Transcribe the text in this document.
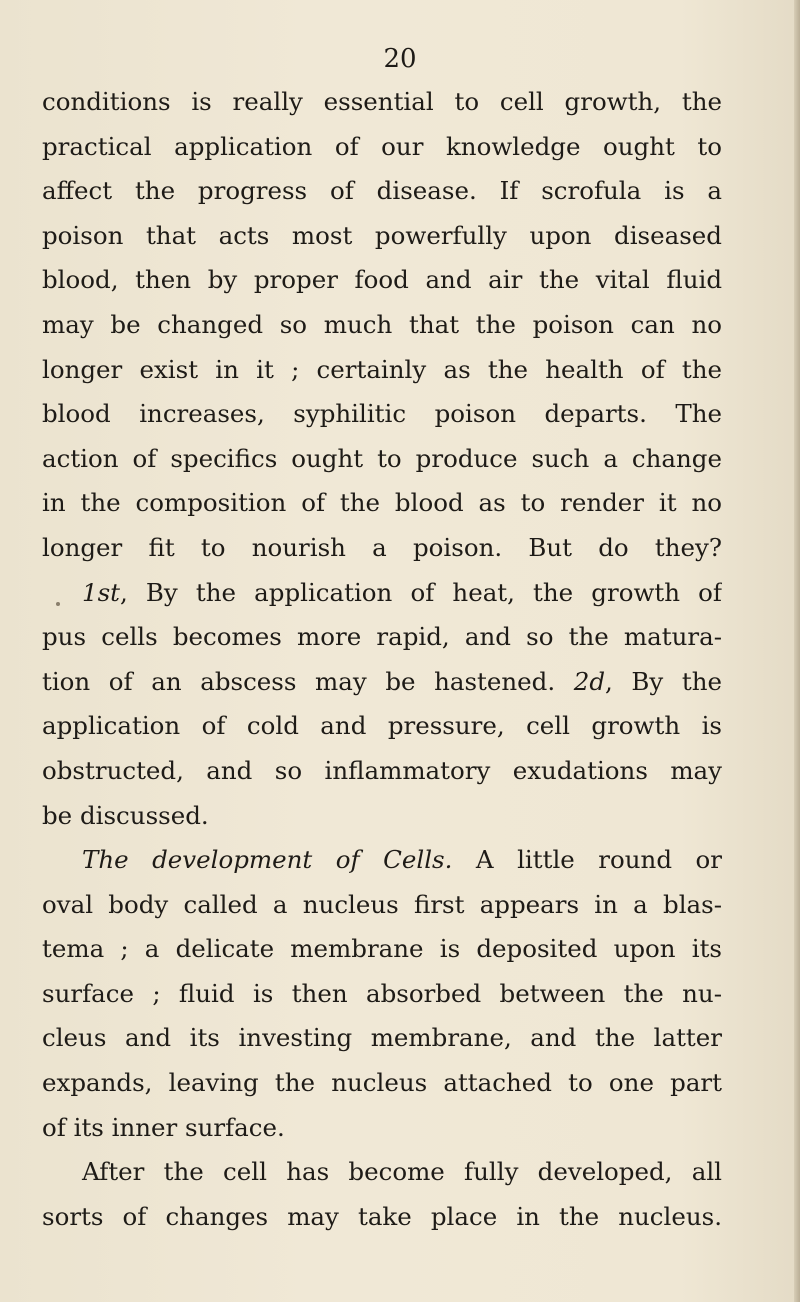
20
conditions is really essential to cell growth, the
practical application of our knowledge ought to
affect the progress of disease. If scrofula is a
poison that acts most powerfully upon diseased
blood, then by proper food and air the vital fluid
may be changed so much that the poison can no
longer exist in it ; certainly as the health of the
blood increases, syphilitic poison departs. The
action of specifics ought to produce such a change
in the composition of the blood as to render it no
longer fit to nourish a poison. But do they?
1st, By the application of heat, the growth of
pus cells becomes more rapid, and so the matura-
tion of an abscess may be hastened. 2d, By the
application of cold and pressure, cell growth is
obstructed, and so inflammatory exudations may
be discussed.
The development of Cells. A little round or
oval body called a nucleus first appears in a blas-
tema ; a delicate membrane is deposited upon its
surface ; fluid is then absorbed between the nu-
cleus and its investing membrane, and the latter
expands, leaving the nucleus attached to one part
of its inner surface.
After the cell has become fully developed, all
sorts of changes may take place in the nucleus.
